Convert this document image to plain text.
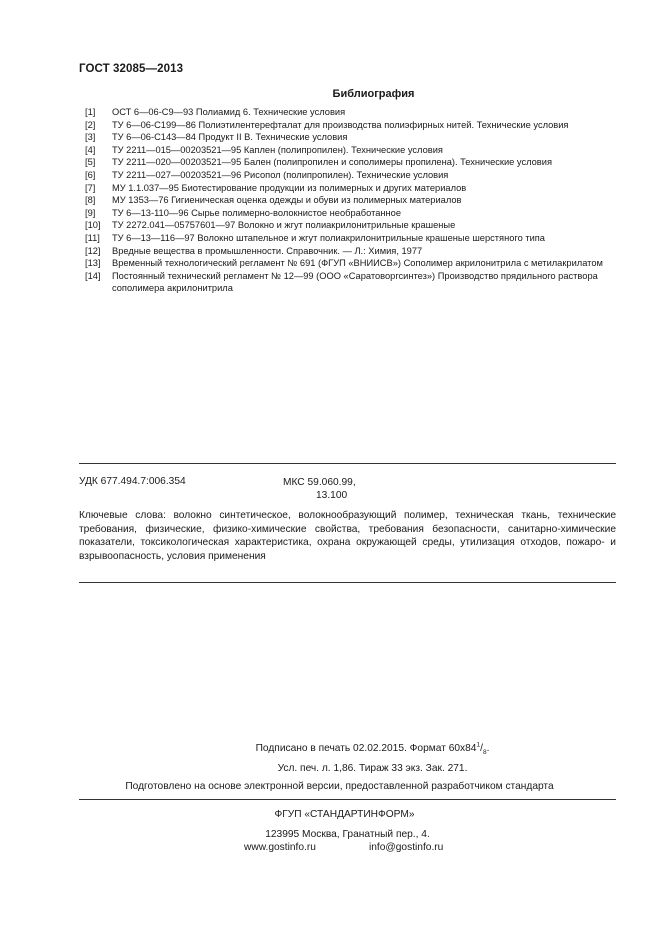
ГОСТ 32085—2013
Библиография
[1]	ОСТ 6—06-С9—93 Полиамид 6. Технические условия
[2]	ТУ 6—06-С199—86 Полиэтилентерефталат для производства полиэфирных нитей. Технические условия
[3]	ТУ 6—06-С143—84 Продукт II В. Технические условия
[4]	ТУ 2211—015—00203521—95 Каплен (полипропилен). Технические условия
[5]	ТУ 2211—020—00203521—95 Бален (полипропилен и сополимеры пропилена). Технические условия
[6]	ТУ 2211—027—00203521—96 Рисопол (полипропилен). Технические условия
[7]	МУ 1.1.037—95 Биотестирование продукции из полимерных и других материалов
[8]	МУ 1353—76 Гигиеническая оценка одежды и обуви из полимерных материалов
[9]	ТУ 6—13-110—96 Сырье полимерно-волокнистое необработанное
[10]	ТУ 2272.041—05757601—97 Волокно и жгут полиакрилонитрильные крашеные
[11]	ТУ 6—13—116—97 Волокно штапельное и жгут полиакрилонитрильные крашеные шерстяного типа
[12]	Вредные вещества в промышленности. Справочник. — Л.: Химия, 1977
[13]	Временный технологический регламент № 691 (ФГУП «ВНИИСВ») Сополимер акрилонитрила с метилакрилатом
[14]	Постоянный технический регламент № 12—99 (ООО «Саратоворгсинтез») Производство прядильного раствора сополимера акрилонитрила
УДК 677.494.7:006.354	МКС 59.060.99,
13.100
Ключевые слова: волокно синтетическое, волокнообразующий полимер, техническая ткань, технические требования, физические, физико-химические свойства, требования безопасности, санитарно-химические показатели, токсикологическая характеристика, охрана окружающей среды, утилизация отходов, пожаро- и взрывоопасность, условия применения
Подписано в печать 02.02.2015. Формат $60x84^1/_8$.
Усл. печ. л. 1,86. Тираж 33 экз. Зак. 271.
Подготовлено на основе электронной версии, предоставленной разработчиком стандарта
ФГУП «СТАНДАРТИНФОРМ»
123995 Москва, Гранатный пер., 4.
www.gostinfo.ru	info@gostinfo.ru
